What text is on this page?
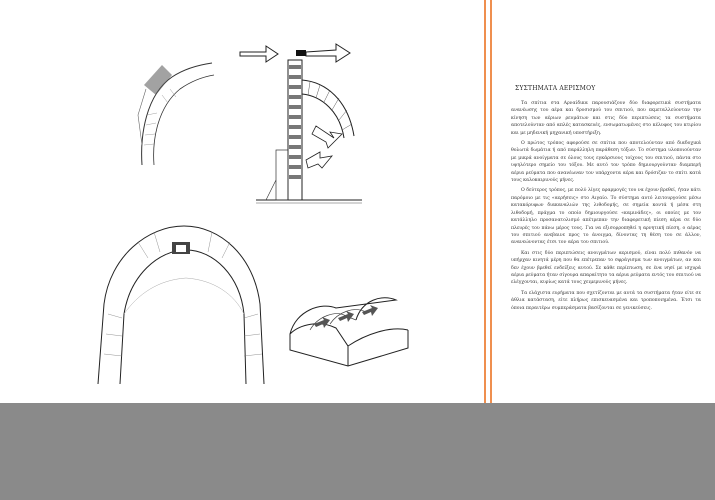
ΣΥΣΤΗΜΑΤΑ ΑΕΡΙΣΜΟΥ

Τα σπίτια στα Αρναίδικα παρουσιάζουν δύο διαφορετικά συστήματα ανανέωσης του αέρα και δροσισμού του σπιτιού, που εκμεταλλεύονταν την κίνηση των αέριων ρευμάτων και στις δύο περιπτώσεις τα συστήματα αποτελούνταν από απλές κατασκευές, ενσωματωμένες στο κέλυφος του κτιρίου και με μηδενική μηχανική υποστήριξη.

Ο πρώτος τρόπος αφορούσε σε σπίτια που αποτελούνταν από διαδοχικά θολωτά δωμάτια ή από παράλληλη παράθεση τόξων. Το σύστημα υλοποιούνταν με μικρά ανοίγματα σε όλους τους εγκάρσιους τοίχους του σπιτιού, πάντα στο υψηλότερο σημείο του τόξου. Με αυτό τον τρόπο δημιουργούνταν διαμπερή αέρια ρεύματα που ανανέωναν τον υπάρχοντα αέρα και δρόσιζαν το σπίτι κατά τους καλοκαιρινούς μήνες.

Ο δεύτερος τρόπος, με πολύ λίγες εφαρμογές του να έχουν βρεθεί, ήταν κάτι παρόμοιο με τις «αερήσεις» στο Αιγαίο. Το σύστημα αυτό λειτουργούσε μέσω κατακόρυφων διακαναλιών της λιθοδομής, σε σημεία κοντά ή μέσα στη λιθοδομή, πράγμα το οποίο δημιουργούσε «καμινάδες», οι οποίες με τον κατάλληλο προσανατολισμό απέτρεπαν την διαφορετική πίεση αέρα σε δύο πλευρές του πάνω μέρος τους. Για να εξισορροπηθεί η αρνητική πίεση, ο αέρας του σπιτιού ανεβαινε προς το άνοιγμα, δίνοντας τη θέση του σε άλλον, ανανεώνοντας έτσι τον αέρα του σπιτιού.

Και στις δύο περιπτώσεις ανοιγμάτων αερισμού, είναι πολύ πιθανόν να υπήρχαν κινητά μέρη που θα επέτρεπαν το σφράγισμα των ανοιγμάτων, αν και δεν έχουν βρεθεί ενδείξεις αυτού. Σε κάθε περίπτωση, σε ένα νησί με ισχυρά αέρια ρεύματα ήταν σίγουρα απαραίτητο τα αέρια ρεύματα εντός του σπιτιού να ελέγχονται, κυρίως κατά τους χειμερινούς μήνες.

Τα ελάχιστα ευρήματα που σχετίζονται με αυτά τα συστήματα ήταν είτε σε άθλια κατάσταση, είτε πλήρως επισκευασμένα και τροποποιημένα. Έτσι τα όποια περαιτέρω συμπεράσματα βασίζονται σε γενικεύσεις.
